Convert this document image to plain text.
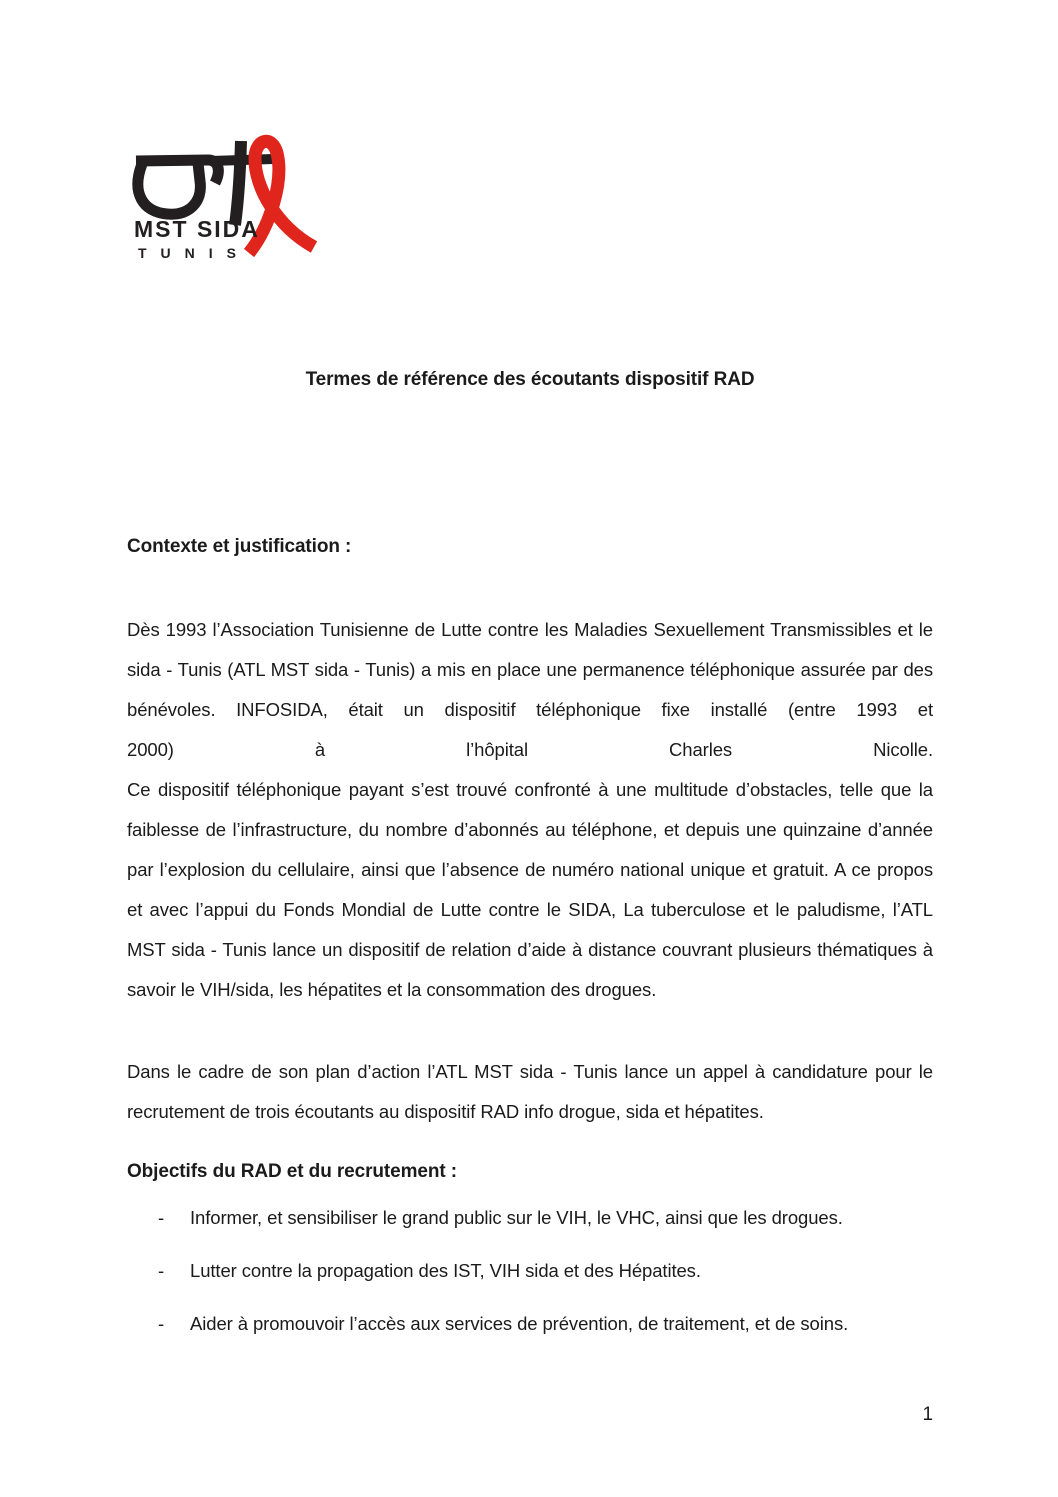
MST SIDA
TUNIS
Termes de référence des écoutants dispositif RAD
Contexte et justification :
Dès 1993 l’Association Tunisienne de Lutte contre les Maladies Sexuellement Transmissibles et le sida - Tunis (ATL MST sida - Tunis) a mis en place une permanence téléphonique assurée par des bénévoles. INFOSIDA, était un dispositif téléphonique fixe installé (entre 1993 et
2000) à l’hôpital Charles Nicolle.
Ce dispositif téléphonique payant s’est trouvé confronté à une multitude d’obstacles, telle que la faiblesse de l’infrastructure, du nombre d’abonnés au téléphone, et depuis une quinzaine d’année par l’explosion du cellulaire, ainsi que l’absence de numéro national unique et gratuit. A ce propos et avec l’appui du Fonds Mondial de Lutte contre le SIDA, La tuberculose et le paludisme, l’ATL MST sida - Tunis lance un dispositif de relation d’aide à distance couvrant plusieurs thématiques à savoir le VIH/sida, les hépatites et la consommation des drogues.
Dans le cadre de son plan d’action l’ATL MST sida - Tunis lance un appel à candidature pour le recrutement de trois écoutants au dispositif RAD info drogue, sida et hépatites.
Objectifs du RAD et du recrutement :
-	Informer, et sensibiliser le grand public sur le VIH, le VHC, ainsi que les drogues.
-	Lutter contre la propagation des IST, VIH sida et des Hépatites.
-	Aider à promouvoir l’accès aux services de prévention, de traitement, et de soins.
1
